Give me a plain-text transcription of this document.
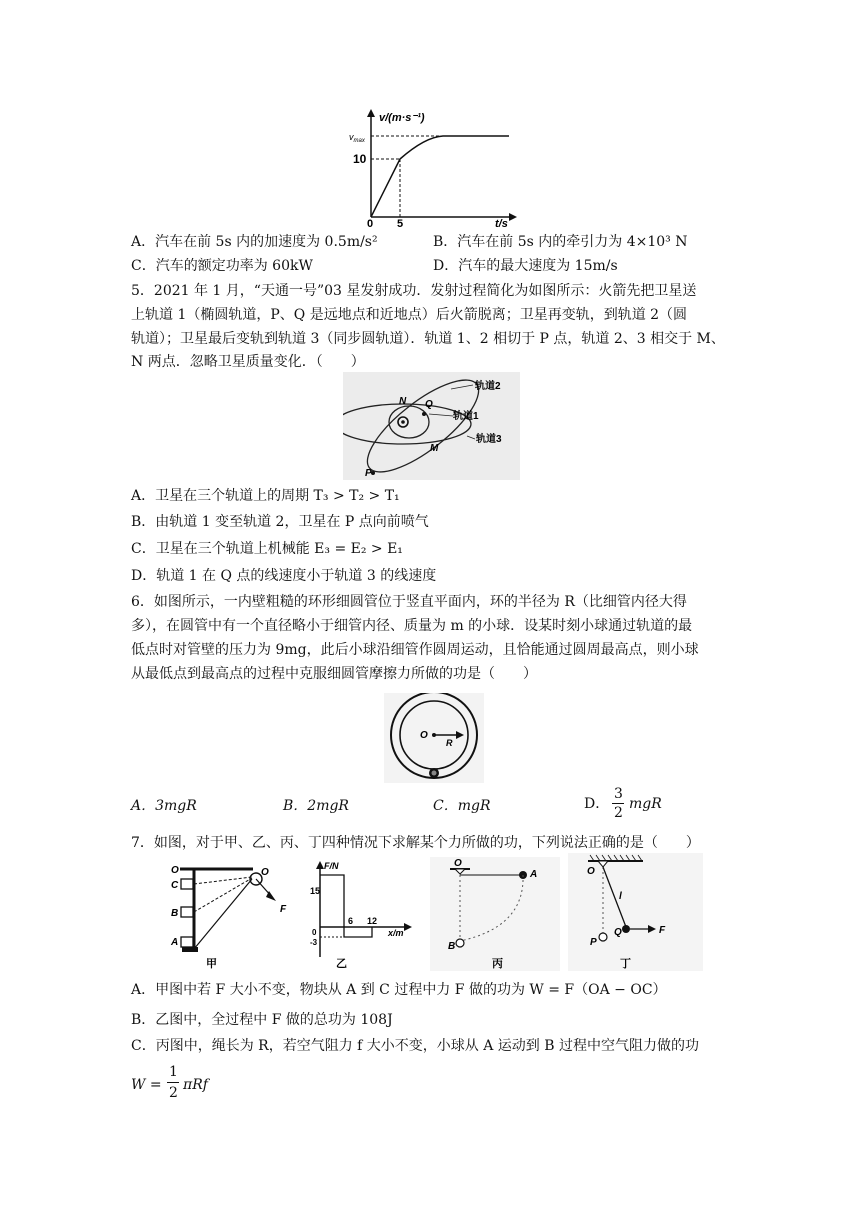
v/(m·s⁻¹)
$v_{max}$
10
0 5	t/s
A．汽车在前 5s 内的加速度为 0.5m/s²	B．汽车在前 5s 内的牵引力为 4×10³ N
C．汽车的额定功率为 60kW	D．汽车的最大速度为 15m/s
5．2021 年 1 月，“天通一号”03 星发射成功．发射过程简化为如图所示：火箭先把卫星送
上轨道 1（椭圆轨道，P、Q 是远地点和近地点）后火箭脱离；卫星再变轨，到轨道 2（圆
轨道）；卫星最后变轨到轨道 3（同步圆轨道）．轨道 1、2 相切于 P 点，轨道 2、3 相交于 M、
N 两点．忽略卫星质量变化．（　　）
轨道2
轨道1
轨道3
N Q
M
P
A．卫星在三个轨道上的周期 T₃ > T₂ > T₁
B．由轨道 1 变至轨道 2，卫星在 P 点向前喷气
C．卫星在三个轨道上机械能 E₃ = E₂ > E₁
D．轨道 1 在 Q 点的线速度小于轨道 3 的线速度
6．如图所示，一内壁粗糙的环形细圆管位于竖直平面内，环的半径为 R（比细管内径大得
多），在圆管中有一个直径略小于细管内径、质量为 m 的小球．设某时刻小球通过轨道的最
低点时对管壁的压力为 9mg，此后小球沿细管作圆周运动，且恰能通过圆周最高点，则小球
从最低点到最高点的过程中克服细圆管摩擦力所做的功是（　　）
O
R
A．3mgR	B．2mgR	C．mgR	D．
3
2
mgR
7．如图，对于甲、乙、丙、丁四种情况下求解某个力所做的功，下列说法正确的是（　　）
O
C
B
A
O
F
甲
F/N
15
6 12
x/m
0
-3
乙
O
A
B
丙
O
l
P
Q	F
丁
A．甲图中若 F 大小不变，物块从 A 到 C 过程中力 F 做的功为 W = F（OA − OC）
B．乙图中，全过程中 F 做的总功为 108J
C．丙图中，绳长为 R，若空气阻力 f 大小不变，小球从 A 运动到 B 过程中空气阻力做的功
W =
1
2 πRf
